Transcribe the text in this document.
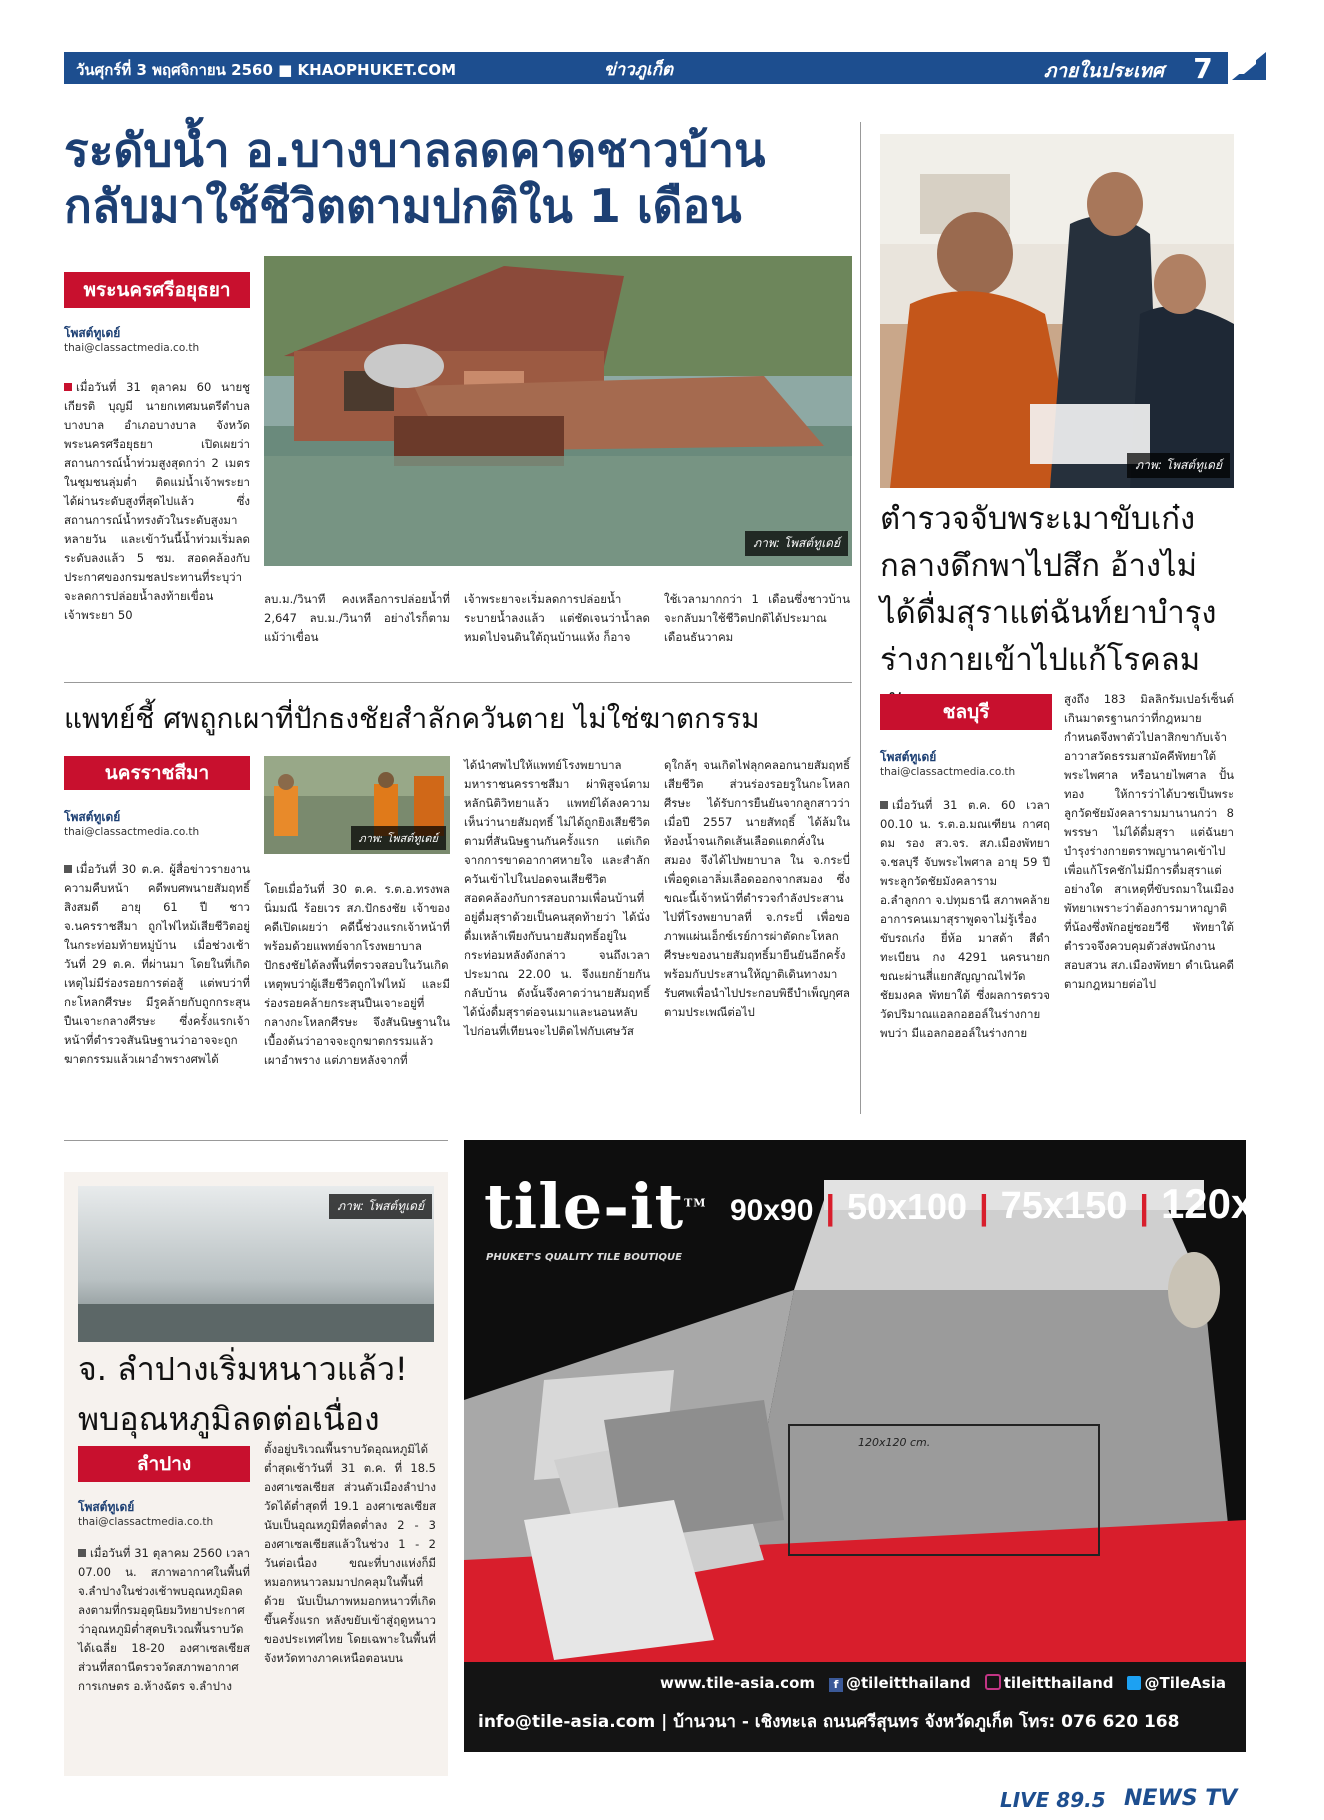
วันศุกร์ที่ 3 พฤศจิกายน 2560 ■ KHAOPHUKET.COM	ข่าวภูเก็ต	ภายในประเทศ	7
ระดับน้ำ อ.บางบาลลดคาดชาวบ้าน
กลับมาใช้ชีวิตตามปกติใน 1 เดือน
พระนครศรีอยุธยา
โพสต์ทูเดย์
thai@classactmedia.co.th
เมื่อวันที่ 31 ตุลาคม 60 นายชูเกียรติ บุญมี นายกเทศมนตรีตำบลบางบาล อำเภอบางบาล จังหวัดพระนครศรีอยุธยา เปิดเผยว่า สถานการณ์น้ำท่วมสูงสุดกว่า 2 เมตรในชุมชนลุ่มต่ำ ติดแม่น้ำเจ้าพระยา ได้ผ่านระดับสูงที่สุดไปแล้ว ซึ่งสถานการณ์น้ำทรงตัวในระดับสูงมาหลายวัน และเข้าวันนี้น้ำท่วมเริ่มลดระดับลงแล้ว 5 ซม. สอดคล้องกับประกาศของกรมชลประทานที่ระบุว่าจะลดการปล่อยน้ำลงท้ายเขื่อนเจ้าพระยา 50
ภาพ: โพสต์ทูเดย์
ลบ.ม./วินาที คงเหลือการปล่อยน้ำที่ 2,647 ลบ.ม./วินาที อย่างไรก็ตามแม้ว่าเขื่อน
เจ้าพระยาจะเริ่มลดการปล่อยน้ำระบายน้ำลงแล้ว แต่ชัดเจนว่าน้ำลดหมดไปจนดินใต้ถุนบ้านแห้ง ก็อาจ
ใช้เวลามากกว่า 1 เดือนซึ่งชาวบ้านจะกลับมาใช้ชีวิตปกติได้ประมาณเดือนธันวาคม
ภาพ: โพสต์ทูเดย์
ตำรวจจับพระเมาขับเก๋ง
กลางดึกพาไปสึก อ้างไม่
ได้ดื่มสุราแต่ฉันท์ยาบำรุง
ร่างกายเข้าไปแก้โรคลม
ชลบุรี
โพสต์ทูเดย์
thai@classactmedia.co.th
เมื่อวันที่ 31 ต.ค. 60 เวลา 00.10 น. ร.ต.อ.มณเฑียน กาศฤดม รอง สว.จร. สภ.เมืองพัทยา จ.ชลบุรี จับพระไพศาล อายุ 59 ปี พระลูกวัดชัยมังคลาราม อ.ลำลูกกา จ.ปทุมธานี สภาพคล้ายอาการคนเมาสุราพูดจาไม่รู้เรื่อง ขับรถเก๋ง ยี่ห้อ มาสด้า สีดำ ทะเบียน กง 4291 นครนายก ขณะผ่านสี่แยกสัญญาณไฟวัดชัยมงคล พัทยาใต้ ซึ่งผลการตรวจวัดปริมาณแอลกอฮอล์ในร่างกายพบว่า มีแอลกอฮอล์ในร่างกาย
สูงถึง 183 มิลลิกรัมเปอร์เซ็นต์ เกินมาตรฐานกว่าที่กฎหมายกำหนดจึงพาตัวไปลาสิกขากับเจ้าอาวาสวัดธรรมสามัคคีพัทยาใต้ พระไพศาล หรือนายไพศาล ปั้นทอง ให้การว่าได้บวชเป็นพระลูกวัดชัยมังคลารามมานานกว่า 8 พรรษา ไม่ได้ดื่มสุรา แต่ฉันยาบำรุงร่างกายตราพญานาคเข้าไปเพื่อแก้โรคชักไม่มีการดื่มสุราแต่อย่างใด สาเหตุที่ขับรถมาในเมืองพัทยาเพราะว่าต้องการมาหาญาติที่น้องซึ่งพักอยู่ซอยวีซี พัทยาใต้ ตำรวจจึงควบคุมตัวส่งพนักงานสอบสวน สภ.เมืองพัทยา ดำเนินคดีตามกฎหมายต่อไป
แพทย์ชี้ ศพถูกเผาที่ปักธงชัยสำลักควันตาย ไม่ใช่ฆาตกรรม
นครราชสีมา
โพสต์ทูเดย์
thai@classactmedia.co.th	ภาพ: โพสต์ทูเดย์
เมื่อวันที่ 30 ต.ค. ผู้สื่อข่าวรายงานความคืบหน้า คดีพบศพนายสัมฤทธิ์ สิงสมดี อายุ 61 ปี ชาว จ.นครราชสีมา ถูกไฟไหม้เสียชีวิตอยู่ในกระท่อมท้ายหมู่บ้าน เมื่อช่วงเช้าวันที่ 29 ต.ค. ที่ผ่านมา โดยในที่เกิดเหตุไม่มีร่องรอยการต่อสู้ แต่พบว่าที่กะโหลกศีรษะ มีรูคล้ายกับถูกกระสุนปืนเจาะกลางศีรษะ ซึ่งครั้งแรกเจ้าหน้าที่ตำรวจสันนิษฐานว่าอาจจะถูกฆาตกรรมแล้วเผาอำพรางศพได้
โดยเมื่อวันที่ 30 ต.ค. ร.ต.อ.ทรงพล นิ่มมณี ร้อยเวร สภ.ปักธงชัย เจ้าของคดีเปิดเผยว่า คดีนี้ช่วงแรกเจ้าหน้าที่พร้อมด้วยแพทย์จากโรงพยาบาลปักธงชัยได้ลงพื้นที่ตรวจสอบในวันเกิดเหตุพบว่าผู้เสียชีวิตถูกไฟไหม้ และมีร่องรอยคล้ายกระสุนปืนเจาะอยู่ที่กลางกะโหลกศีรษะ จึงสันนิษฐานในเบื้องต้นว่าอาจจะถูกฆาตกรรมแล้วเผาอำพราง แต่ภายหลังจากที่
ได้นำศพไปให้แพทย์โรงพยาบาลมหาราชนครราชสีมา ผ่าพิสูจน์ตามหลักนิติวิทยาแล้ว แพทย์ได้ลงความเห็นว่านายสัมฤทธิ์ ไม่ได้ถูกยิงเสียชีวิตตามที่สันนิษฐานกันครั้งแรก แต่เกิดจากการขาดอากาศหายใจ และสำลักควันเข้าไปในปอดจนเสียชีวิต สอดคล้องกับการสอบถามเพื่อนบ้านที่อยู่ดื่มสุราด้วยเป็นคนสุดท้ายว่า ได้นั่งดื่มเหล้าเพียงกับนายสัมฤทธิ์อยู่ในกระท่อมหลังดังกล่าว จนถึงเวลาประมาณ 22.00 น. จึงแยกย้ายกันกลับบ้าน ดังนั้นจึงคาดว่านายสัมฤทธิ์ได้นั่งดื่มสุราต่อจนเมาและนอนหลับไปก่อนที่เทียนจะไปติดไฟกับเศษวัส
ดุใกล้ๆ จนเกิดไฟลุกคลอกนายสัมฤทธิ์เสียชีวิต ส่วนร่องรอยรูในกะโหลกศีรษะ ได้รับการยืนยันจากลูกสาวว่า เมื่อปี 2557 นายสัทฤธิ์ ได้ล้มในห้องน้ำจนเกิดเส้นเลือดแตกคั่งในสมอง จึงได้ไปพยาบาล ใน จ.กระบี่ เพื่อดูดเอาลิ่มเลือดออกจากสมอง ซึ่งขณะนี้เจ้าหน้าที่ตำรวจกำลังประสานไปที่โรงพยาบาลที่ จ.กระบี่ เพื่อขอภาพแผ่นเอ็กซ์เรย์การผ่าตัดกะโหลกศีรษะของนายสัมฤทธิ์มายืนยันอีกครั้ง พร้อมกับประสานให้ญาติเดินทางมารับศพเพื่อนำไปประกอบพิธีบำเพ็ญกุศลตามประเพณีต่อไป
ภาพ: โพสต์ทูเดย์
จ. ลำปางเริ่มหนาวแล้ว!
พบอุณหภูมิลดต่อเนื่อง
ลำปาง
โพสต์ทูเดย์
thai@classactmedia.co.th
เมื่อวันที่ 31 ตุลาคม 2560 เวลา 07.00 น. สภาพอากาศในพื้นที่ จ.ลำปางในช่วงเช้าพบอุณหภูมิลดลงตามที่กรมอุตุนิยมวิทยาประกาศว่าอุณหภูมิต่ำสุดบริเวณพื้นราบวัดได้เฉลี่ย 18-20 องศาเซลเซียส ส่วนที่สถานีตรวจวัดสภาพอากาศการเกษตร อ.ห้างฉัตร จ.ลำปาง
ตั้งอยู่บริเวณพื้นราบวัดอุณหภูมิได้ต่ำสุดเช้าวันที่ 31 ต.ค. ที่ 18.5 องศาเซลเซียส ส่วนตัวเมืองลำปางวัดได้ต่ำสุดที่ 19.1 องศาเซลเซียส นับเป็นอุณหภูมิที่ลดต่ำลง 2 - 3 องศาเซลเซียสแล้วในช่วง 1 - 2 วันต่อเนื่อง ขณะที่บางแห่งก็มีหมอกหนาวลมมาปกคลุมในพื้นที่ด้วย นับเป็นภาพหมอกหนาวที่เกิดขึ้นครั้งแรก หลังขยับเข้าสู่ฤดูหนาวของประเทศไทย โดยเฉพาะในพื้นที่จังหวัดทางภาคเหนือตอนบน
tile-it™
PHUKET'S QUALITY TILE BOUTIQUE
90x90 | 50x100 | 75x150 | 120x120
120x120 cm.
www.tile-asia.com	f @tileitthailand	tileitthailand	@TileAsia
info@tile-asia.com | บ้านวนา - เชิงทะเล ถนนศรีสุนทร จังหวัดภูเก็ต โทร: 076 620 168
LIVE 89.5 NEWS TV
